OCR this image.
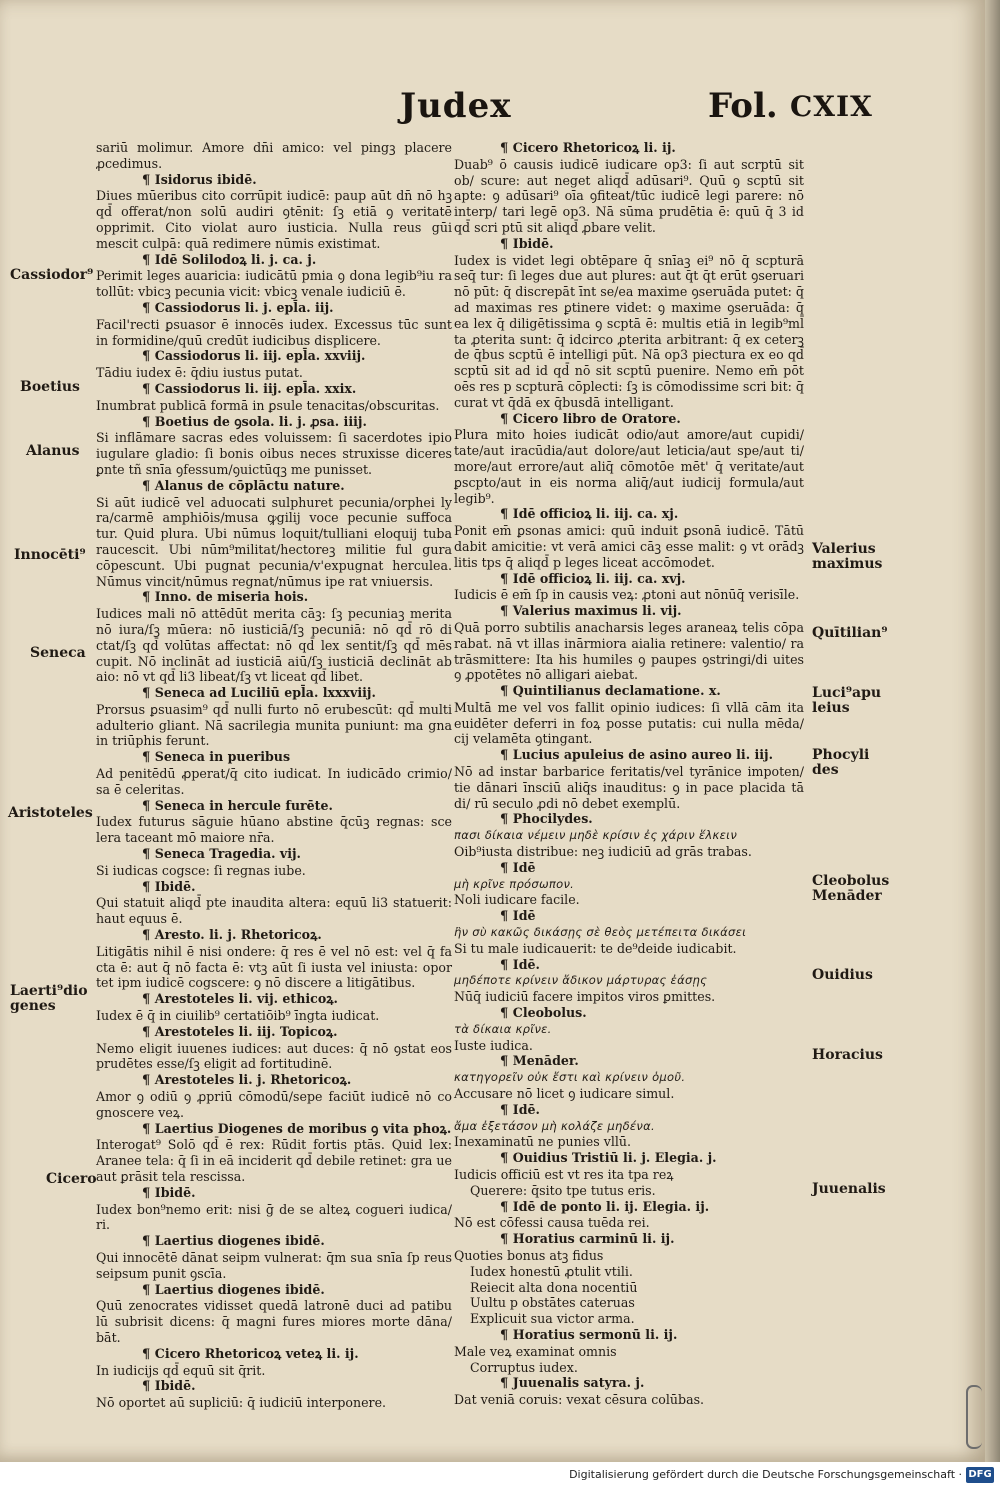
Judex	Fol. CXIX

sariū molimur. Amore dn̄i amico: vel pingꝫ placere ꝓcedimus.

¶ Isidorus ibidē.

Diues mūeribus cito corrūpit iudicē: paup aūt dn̄ nō hꝫ qd̄ offerat/non solū audiri ꝯtēnit: ſꝫ etiā ꝯ veritatē opprimit. Cito violat auro iusticia. Nulla reus gūi mescit culpā: quā redimere nūmis existimat.

¶ Idē Solilodoꝝ li. j. ca. j.

Perimit leges auaricia: iudicātū pmia ꝯ dona legib⁹iu ra tollūt: vbicꝫ pecunia vicit: vbicꝫ venale iudiciū ē.

¶ Cassiodorus li. j. epl̄a. iij.

Facil'recti ꝑsuasor ē innocēs iudex. Excessus tūc sunt in formidine/quū credūt iudicibus displicere.

¶ Cassiodorus li. iij. epl̄a. xxviij.

Tādiu iudex ē: q̄diu iustus putat.

¶ Cassiodorus li. iij. epl̄a. xxix.

Inumbrat publicā formā in ꝑsule tenacitas/obscuritas.

¶ Boetius de ꝯsola. li. j. ꝓsa. iiij.

Si inflāmare sacras edes voluissem: ſi sacerdotes ipio iugulare gladio: ſi bonis oibus neces struxisse diceres ꝑnte tñ snīa ꝯfessum/ꝯuictūqꝫ me punisset.

¶ Alanus de cōplāctu nature.

Si aūt iudicē vel aduocati sulphuret pecunia/orphei ly ra/carmē amphiōis/musa ꝙgilij voce pecunie suffoca tur. Quid plura. Ubi nūmus loquit/tulliani eloquij tuba raucescit. Ubi nūm⁹militat/hectoreꝫ militie ful gura cōpescunt. Ubi pugnat pecunia/v'expugnat herculea. Nūmus vincit/nūmus regnat/nūmus ipe rat vniuersis.

¶ Inno. de miseria hois.

Iudices mali nō attēdūt merita cāꝫ: ſꝫ pecuniaꝫ merita nō iura/ſꝫ mūera: nō iusticiā/ſꝫ pecuniā: nō qd̄ rō di ctat/ſꝫ qd̄ volūtas affectat: nō qd̄ lex sentit/ſꝫ qd̄ mēs cupit. Nō inclināt ad iusticiā aiū/ſꝫ iusticiā declināt ab aio: nō vt qd̄ li3 libeat/ſꝫ vt liceat qd̄ libet.

¶ Seneca ad Luciliū epl̄a. lxxxviij.

Prorsus ꝑsuasim⁹ qd̄ nulli furto nō erubescūt: qd̄ multi adulterio gliant. Nā sacrilegia munita puniunt: ma gna in triūphis ferunt.

¶ Seneca in pueribus

Ad penitēdū ꝓperat/q̄ cito iudicat. In iudicādo crimio/ sa ē celeritas.

¶ Seneca in hercule furēte.

Iudex futurus sāguie hūano abstine q̄cūꝫ regnas: sce lera taceant mō maiore nr̄a.

¶ Seneca Tragedia. vij.

Si iudicas cogsce: ſi regnas iube.

¶ Ibidē.

Qui statuit aliqd̄ pte inaudita altera: equū li3 statuerit: haut equus ē.

¶ Aresto. li. j. Rhetoricoꝝ.

Litigātis nihil ē nisi ondere: q̄ res ē vel nō est: vel q̄ fa cta ē: aut q̄ nō facta ē: vtꝫ aūt ſi iusta vel iniusta: opor tet ipm iudicē cogscere: ꝯ nō discere a litigātibus.

¶ Arestoteles li. vij. ethicoꝝ.

Iudex ē q̄ in ciuilib⁹ certatiōib⁹ īngta iudicat.

¶ Arestoteles li. iij. Topicoꝝ.

Nemo eligit iuuenes iudices: aut duces: q̄ nō ꝯstat eos prudētes esse/ſꝫ eligit ad fortitudinē.

¶ Arestoteles li. j. Rhetoricoꝝ.

Amor ꝯ odiū ꝯ ꝓpriū cōmodū/sepe faciūt iudicē nō co gnoscere veꝝ.

¶ Laertius Diogenes de moribus ꝯ vita phoꝝ.

Interogat⁹ Solō qd̄ ē rex: Rūdit fortis ptās. Quid lex: Aranee tela: q̄ ſi in eā inciderit qd̄ debile retinet: gra ue aut ꝑrāsit tela rescissa.

¶ Ibidē.

Iudex bon⁹nemo erit: nisi ḡ de se alteꝝ cogueri iudica/ ri.

¶ Laertius diogenes ibidē.

Qui innocētē dānat seipm vulnerat: q̄m sua snīa ſp reus seipsum punit ꝯscīa.

¶ Laertius diogenes ibidē.

Quū zenocrates vidisset quedā latronē duci ad patibu lū subrisit dicens: q̄ magni fures miores morte dāna/ bāt.

¶ Cicero Rhetoricoꝝ veteꝝ li. ij.

In iudicijs qd̄ equū sit q̄rit.

¶ Ibidē.

Nō oportet aū supliciū: q̄ iudiciū interponere.

¶ Cicero Rhetoricoꝝ li. ij.

Duab⁹ ō causis iudicē iudicare op3: ſi aut scrptū sit ob/ scure: aut neget aliqd̄ adūsari⁹. Quū ꝯ scptū sit apte: ꝯ adūsari⁹ oīa ꝯfiteat/tūc iudicē legi parere: nō interp/ tari legē op3. Nā sūma prudētia ē: quū q̄ 3 id qd̄ scri ptū sit aliqd̄ ꝓbare velit.

¶ Ibidē.

Iudex is videt legi obtēpare q̄ snīaꝫ ei⁹ nō q̄ scpturā seq̄ tur: ſi leges due aut plures: aut q̄t q̄t erūt ꝯseruari nō pūt: q̄ discrepāt īnt se/ea maxime ꝯseruāda putet: q̄ ad maximas res ꝑtinere videt: ꝯ maxime ꝯseruāda: q̄ ea lex q̄ diligētissima ꝯ scptā ē: multis etiā in legib⁹ml̄ ta ꝓterita sunt: q̄ idcirco ꝓterita arbitrant: q̄ ex ceterꝫ de q̄bus scptū ē intelligi pūt. Nā op3 piectura ex eo qd̄ scptū sit ad id qd̄ nō sit scptū puenire. Nemo em̄ pōt oēs res p scpturā cōplecti: ſꝫ is cōmodissime scri bit: q̄ curat vt q̄dā ex q̄busdā intelligant.

¶ Cicero libro de Oratore.

Plura mito hoies iudicāt odio/aut amore/aut cupidi/ tate/aut iracūdia/aut dolore/aut leticia/aut spe/aut ti/ more/aut errore/aut aliq̄ cōmotōe mēt' q̄ veritate/aut ꝑscpto/aut in eis norma aliq̄/aut iudicij formula/aut legib⁹.

¶ Idē officioꝝ li. iij. ca. xj.

Ponit em̄ ꝑsonas amici: quū induit ꝑsonā iudicē. Tātū dabit amicitie: vt verā amici cāꝫ esse malit: ꝯ vt orādꝫ litis tps q̄ aliqd̄ p leges liceat accōmodet.

¶ Idē officioꝝ li. iij. ca. xvj.

Iudicis ē em̄ ſp in causis veꝝ: ꝓtoni aut nōnūq̄ verisīle.

¶ Valerius maximus li. vij.

Quā porro subtilis anacharsis leges araneaꝝ telis cōpa rabat. nā vt illas inārmiora aialia retinere: valentio/ ra trāsmittere: Ita his humiles ꝯ paupes ꝯstringi/di uites ꝯ ꝓpotētes nō alligari aiebat.

¶ Quintilianus declamatione. x.

Multā me vel vos fallit opinio iudices: ſi vllā cām ita euidēter deferri in foꝝ posse putatis: cui nulla mēda/ cij velamēta ꝯtingant.

¶ Lucius apuleius de asino aureo li. iij.

Nō ad instar barbarice feritatis/vel tyrānice impoten/ tie dānari īnsciū aliq̄s inauditus: ꝯ in pace placida tā di/ rū seculo ꝓdi nō debet exemplū.

¶ Phocilydes.

πασι δίκαια νέμειν μηδὲ κρίσιν ἐς χάριν ἕλκειν

Oib⁹iusta distribue: neꝫ iudiciū ad grās trabas.

¶ Idē

μὴ κρῖνε πρόσωπον.

Noli iudicare facile.

¶ Idē

ἢν σὺ κακῶς δικάσῃς σὲ θεὸς μετέπειτα δικάσει

Si tu male iudicauerit: te de⁹deide iudicabit.

¶ Idē.

μηδέποτε κρίνειν ἄδικον μάρτυρας ἐάσῃς

Nūq̄ iudiciū facere impitos viros ꝑmittes.

¶ Cleobolus.

τὰ δίκαια κρῖνε.

Iuste iudica.

¶ Menāder.

κατηγορεῖν οὐκ ἔστι καὶ κρίνειν ὁμοῦ.

Accusare nō licet ꝯ iudicare simul.

¶ Idē.

ἄμα ἐξετάσον μὴ κολάζε μηδένα.

Inexaminatū ne punies vllū.

¶ Ouidius Tristiū li. j. Elegia. j.

Iudicis officiū est vt res ita tpa reꝝ

Querere: q̄sito tpe tutus eris.

¶ Idē de ponto li. ij. Elegia. ij.

Nō est cōfessi causa tuēda rei.

¶ Horatius carminū li. ij.

Quoties bonus atꝫ fidus

Iudex honestū ꝓtulit vtili.

Reiecit alta dona nocentiū

Uultu p obstātes cateruas

Explicuit sua victor arma.

¶ Horatius sermonū li. ij.

Male veꝝ examinat omnis

Corruptus iudex.

¶ Juuenalis satyra. j.

Dat veniā coruis: vexat cēsura colūbas.

Cassiodor⁹
Boetius
Alanus
Innocēti⁹
Seneca
Aristoteles
Laerti⁹dio genes
Cicero
Valerius maximus
Quītilian⁹
Luci⁹apu leius
Phocyli des
Cleobolus Menāder
Ouidius
Horacius
Juuenalis
Digitalisierung gefördert durch die Deutsche Forschungsgemeinschaft · DFG
